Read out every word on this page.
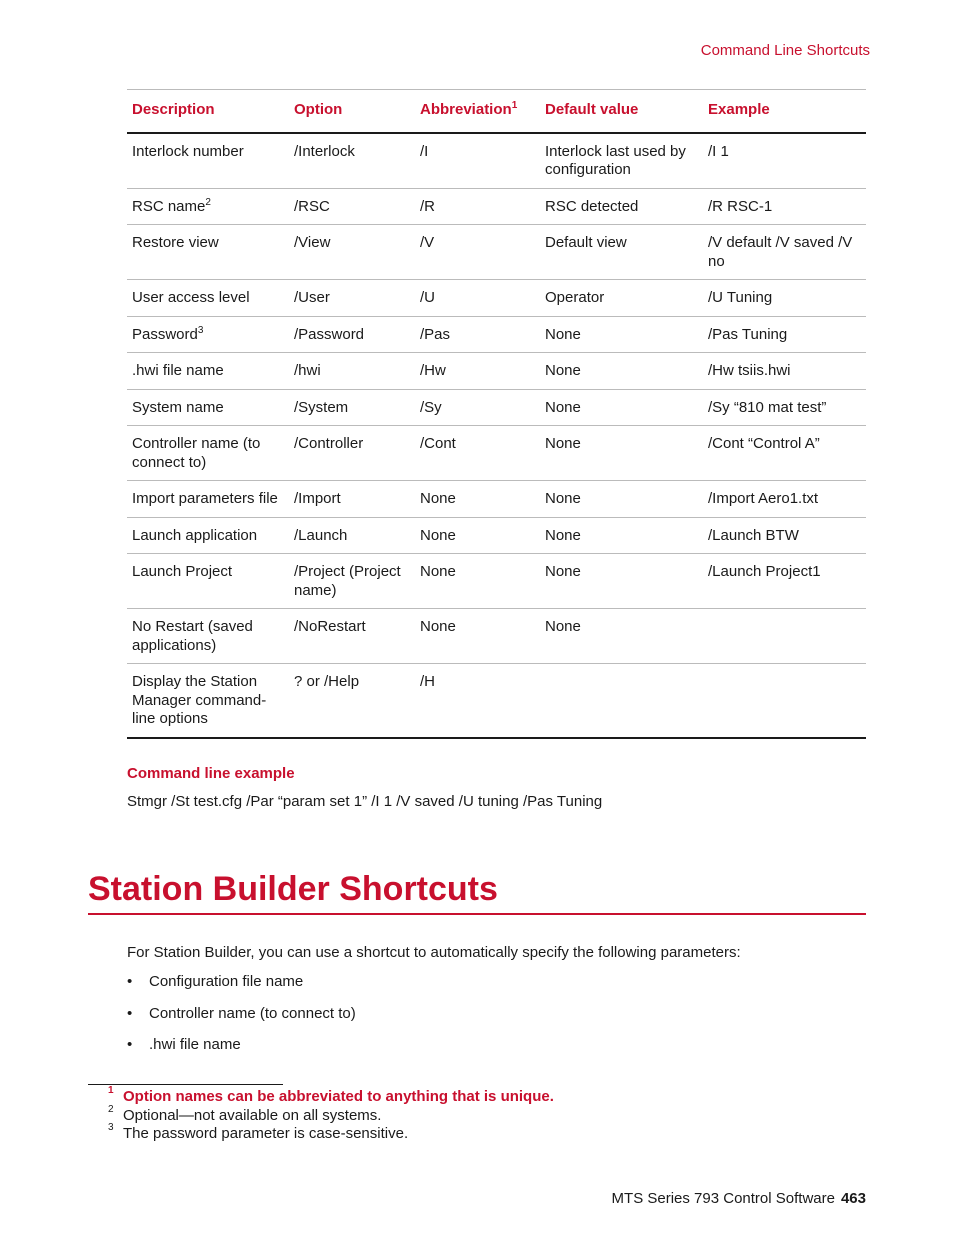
Command Line Shortcuts
Description	Option	Abbreviation$^1$	Default value	Example
Interlock number	/Interlock	/I	Interlock last used by configuration	/I 1
RSC name$^2$	/RSC	/R	RSC detected	/R RSC-1
Restore view	/View	/V	Default view	/V default /V saved /V no
User access level	/User	/U	Operator	/U Tuning
Password$^3$	/Password	/Pas	None	/Pas Tuning
.hwi file name	/hwi	/Hw	None	/Hw tsiis.hwi
System name	/System	/Sy	None	/Sy “810 mat test”
Controller name (to connect to)	/Controller	/Cont	None	/Cont “Control A”
Import parameters file	/Import	None	None	/Import Aero1.txt
Launch application	/Launch	None	None	/Launch BTW
Launch Project	/Project (Project name)	None	None	/Launch Project1
No Restart (saved applications)	/NoRestart	None	None	
Display the Station Manager command-line options	? or /Help	/H		
Command line example
Stmgr /St test.cfg /Par “param set 1” /I 1 /V saved /U tuning /Pas Tuning
Station Builder Shortcuts
For Station Builder, you can use a shortcut to automatically specify the following parameters:
• Configuration file name
• Controller name (to connect to)
• .hwi file name
1 Option names can be abbreviated to anything that is unique.
2 Optional—not available on all systems.
3 The password parameter is case-sensitive.
MTS Series 793 Control Software 463
